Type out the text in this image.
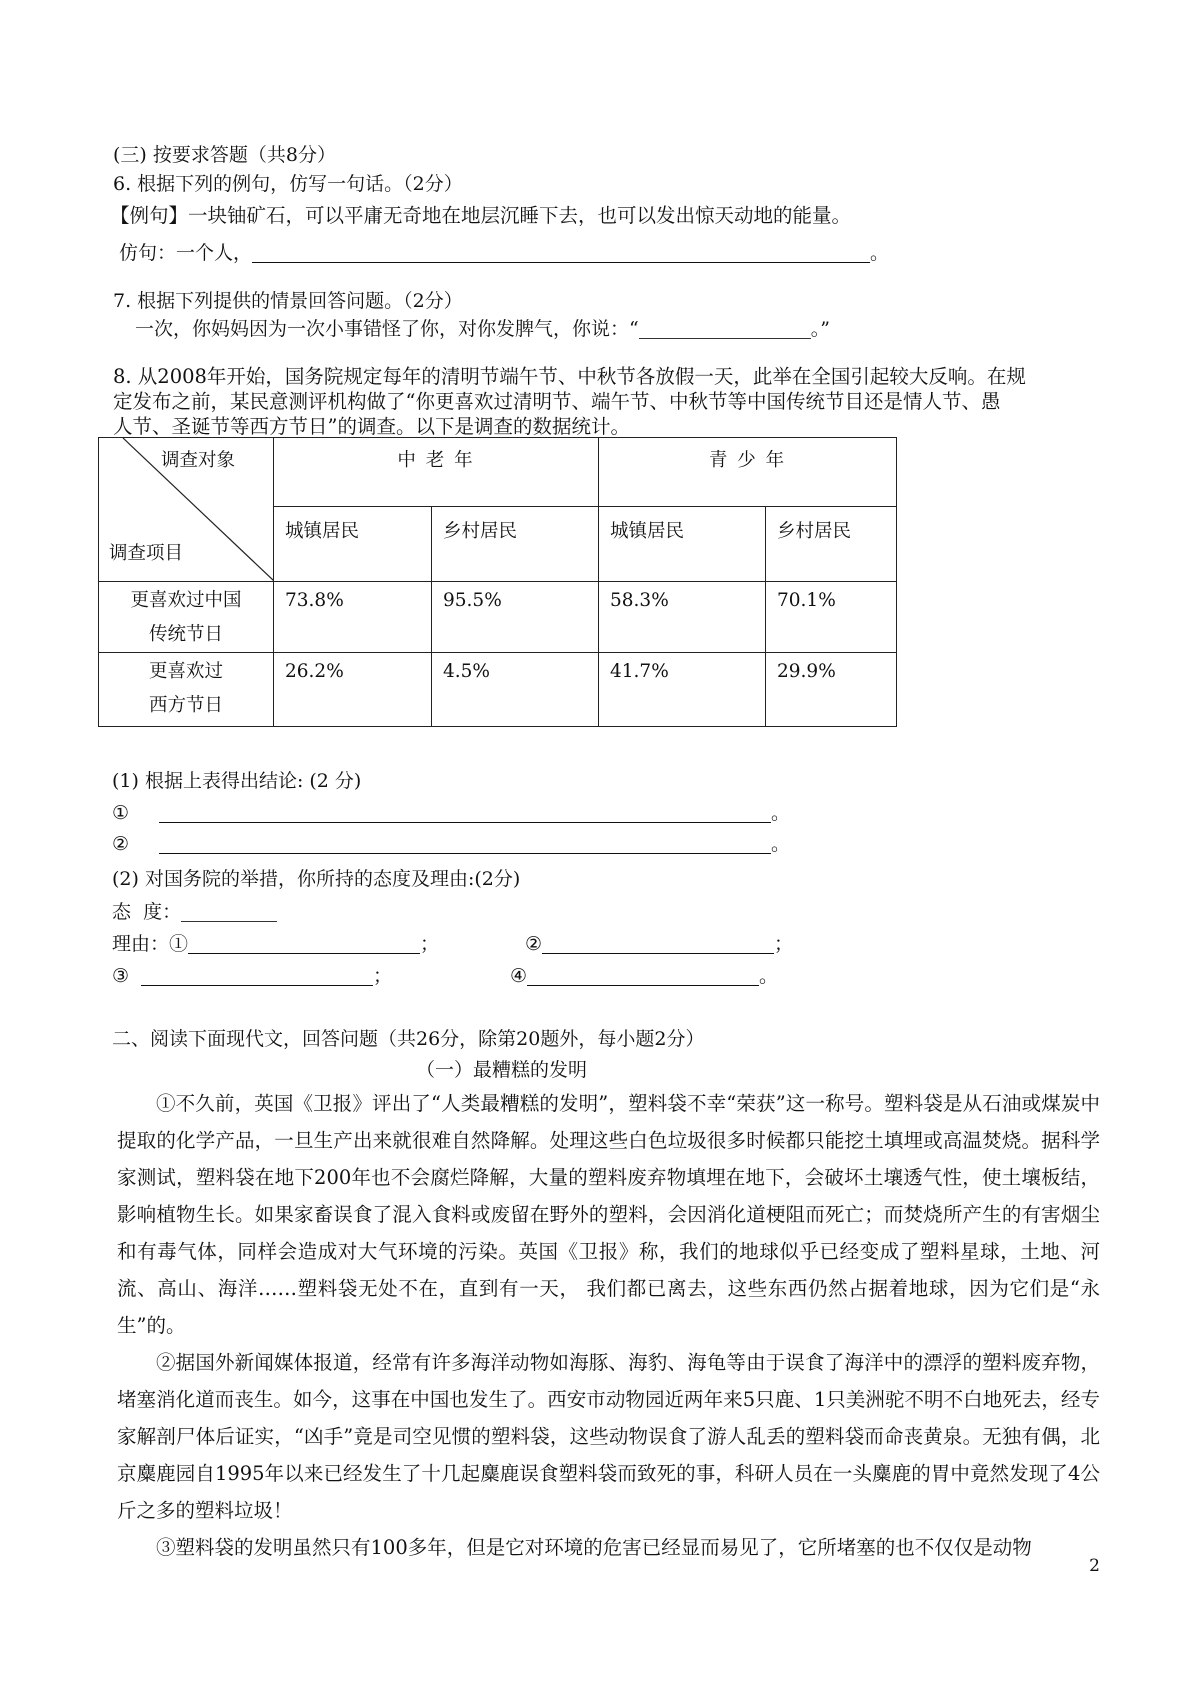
(三) 按要求答题（共8分）
6. 根据下列的例句，仿写一句话。（2分）
【例句】一块铀矿石，可以平庸无奇地在地层沉睡下去，也可以发出惊天动地的能量。
仿句：一个人，	。
7. 根据下列提供的情景回答问题。（2分）
一次，你妈妈因为一次小事错怪了你，对你发脾气，你说：“	。”
8. 从2008年开始，国务院规定每年的清明节端午节、中秋节各放假一天，此举在全国引起较大反响。在规
定发布之前，某民意测评机构做了“你更喜欢过清明节、端午节、中秋节等中国传统节目还是情人节、愚
人节、圣诞节等西方节日”的调查。以下是调查的数据统计。
调查对象
调查项目	中 老 年		青 少 年	
	城镇居民	乡村居民	城镇居民	乡村居民

更喜欢过中国
传统节日	73.8%	95.5%	58.3%	70.1%

更喜欢过
西方节日	26.2%	4.5%	41.7%	29.9%
(1) 根据上表得出结论: (2 分)
①	。
②	。
(2) 对国务院的举措，你所持的态度及理由:(2分)
态  度：
理由：①	；	②	；
③	；	④	。
二、阅读下面现代文，回答问题（共26分，除第20题外，每小题2分）
（一）最糟糕的发明

①不久前，英国《卫报》评出了“人类最糟糕的发明”，塑料袋不幸“荣获”这一称号。塑料袋是从石油或煤炭中提取的化学产品，一旦生产出来就很难自然降解。处理这些白色垃圾很多时候都只能挖土填埋或高温焚烧。据科学家测试，塑料袋在地下200年也不会腐烂降解，大量的塑料废弃物填埋在地下，会破坏土壤透气性，使土壤板结，影响植物生长。如果家畜误食了混入食料或废留在野外的塑料，会因消化道梗阻而死亡；而焚烧所产生的有害烟尘和有毒气体，同样会造成对大气环境的污染。英国《卫报》称，我们的地球似乎已经变成了塑料星球，土地、河流、高山、海洋……塑料袋无处不在，直到有一天， 我们都已离去，这些东西仍然占据着地球，因为它们是“永生”的。

②据国外新闻媒体报道，经常有许多海洋动物如海豚、海豹、海龟等由于误食了海洋中的漂浮的塑料废弃物，堵塞消化道而丧生。如今，这事在中国也发生了。西安市动物园近两年来5只鹿、1只美洲驼不明不白地死去，经专家解剖尸体后证实，“凶手”竟是司空见惯的塑料袋，这些动物误食了游人乱丢的塑料袋而命丧黄泉。无独有偶，北京麋鹿园自1995年以来已经发生了十几起麋鹿误食塑料袋而致死的事，科研人员在一头麋鹿的胃中竟然发现了4公斤之多的塑料垃圾！

③塑料袋的发明虽然只有100多年，但是它对环境的危害已经显而易见了，它所堵塞的也不仅仅是动物

2
